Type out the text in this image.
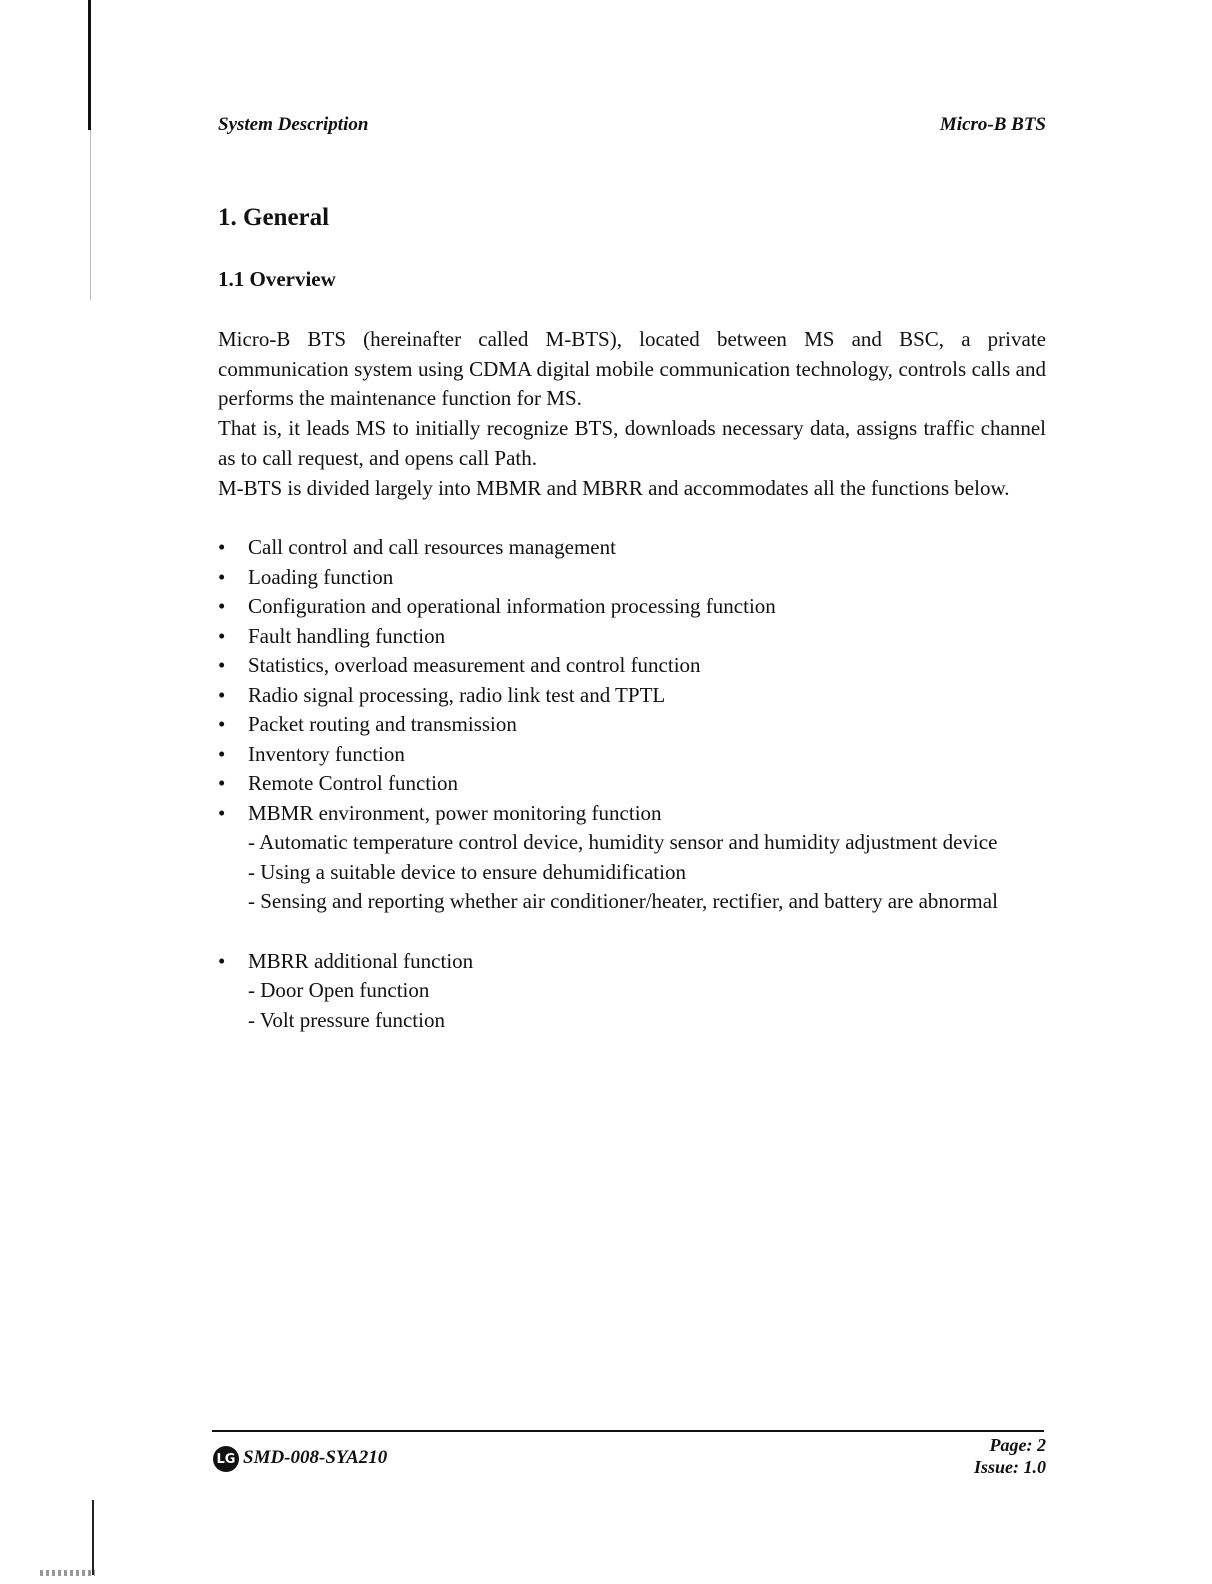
System Description	Micro-B BTS
1. General
1.1 Overview

Micro-B BTS (hereinafter called M-BTS), located between MS and BSC, a private communication system using CDMA digital mobile communication technology, controls calls and performs the maintenance function for MS.

That is, it leads MS to initially recognize BTS, downloads necessary data, assigns traffic channel as to call request, and opens call Path.

M-BTS is divided largely into MBMR and MBRR and accommodates all the functions below.

• Call control and call resources management
• Loading function
• Configuration and operational information processing function
• Fault handling function
• Statistics, overload measurement and control function
• Radio signal processing, radio link test and TPTL
• Packet routing and transmission
• Inventory function
• Remote Control function
• MBMR environment, power monitoring function
- Automatic temperature control device, humidity sensor and humidity adjustment device
- Using a suitable device to ensure dehumidification
- Sensing and reporting whether air conditioner/heater, rectifier, and battery are abnormal
• MBRR additional function
- Door Open function
- Volt pressure function
LG SMD-008-SYA210
Page: 2
Issue: 1.0
